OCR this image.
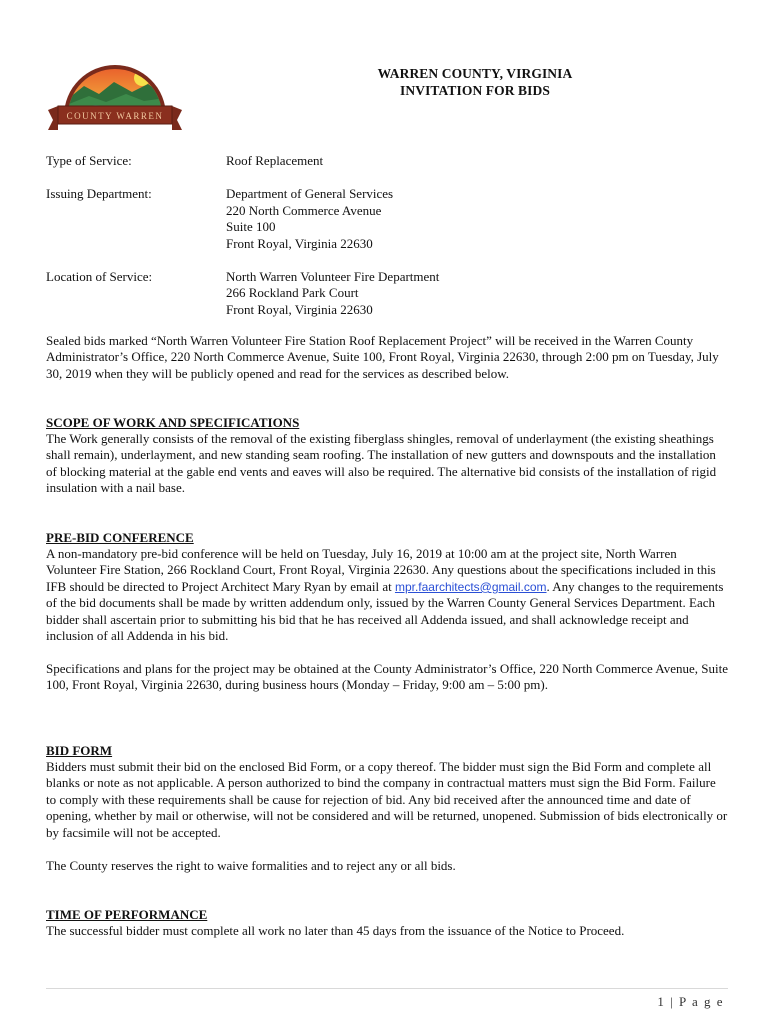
COUNTY WARREN
WARREN COUNTY, VIRGINIA
INVITATION FOR BIDS
Type of Service:	Roof Replacement
Issuing Department:	Department of General Services
220 North Commerce Avenue
Suite 100
Front Royal, Virginia 22630
Location of Service:	North Warren Volunteer Fire Department
266 Rockland Park Court
Front Royal, Virginia 22630

Sealed bids marked “North Warren Volunteer Fire Station Roof Replacement Project” will be received in the Warren County Administrator’s Office, 220 North Commerce Avenue, Suite 100, Front Royal, Virginia 22630, through 2:00 pm on Tuesday, July 30, 2019 when they will be publicly opened and read for the services as described below.

SCOPE OF WORK AND SPECIFICATIONS

The Work generally consists of the removal of the existing fiberglass shingles, removal of underlayment (the existing sheathings shall remain), underlayment, and new standing seam roofing. The installation of new gutters and downspouts and the installation of blocking material at the gable end vents and eaves will also be required. The alternative bid consists of the installation of rigid insulation with a nail base.

PRE-BID CONFERENCE

A non-mandatory pre-bid conference will be held on Tuesday, July 16, 2019 at 10:00 am at the project site, North Warren Volunteer Fire Station, 266 Rockland Court, Front Royal, Virginia 22630. Any questions about the specifications included in this IFB should be directed to Project Architect Mary Ryan by email at mpr.faarchitects@gmail.com. Any changes to the requirements of the bid documents shall be made by written addendum only, issued by the Warren County General Services Department. Each bidder shall ascertain prior to submitting his bid that he has received all Addenda issued, and shall acknowledge receipt and inclusion of all Addenda in his bid.

Specifications and plans for the project may be obtained at the County Administrator’s Office, 220 North Commerce Avenue, Suite 100, Front Royal, Virginia 22630, during business hours (Monday – Friday, 9:00 am – 5:00 pm).

BID FORM

Bidders must submit their bid on the enclosed Bid Form, or a copy thereof. The bidder must sign the Bid Form and complete all blanks or note as not applicable. A person authorized to bind the company in contractual matters must sign the Bid Form. Failure to comply with these requirements shall be cause for rejection of bid. Any bid received after the announced time and date of opening, whether by mail or otherwise, will not be considered and will be returned, unopened. Submission of bids electronically or by facsimile will not be accepted.

The County reserves the right to waive formalities and to reject any or all bids.

TIME OF PERFORMANCE

The successful bidder must complete all work no later than 45 days from the issuance of the Notice to Proceed.

1 | P a g e
